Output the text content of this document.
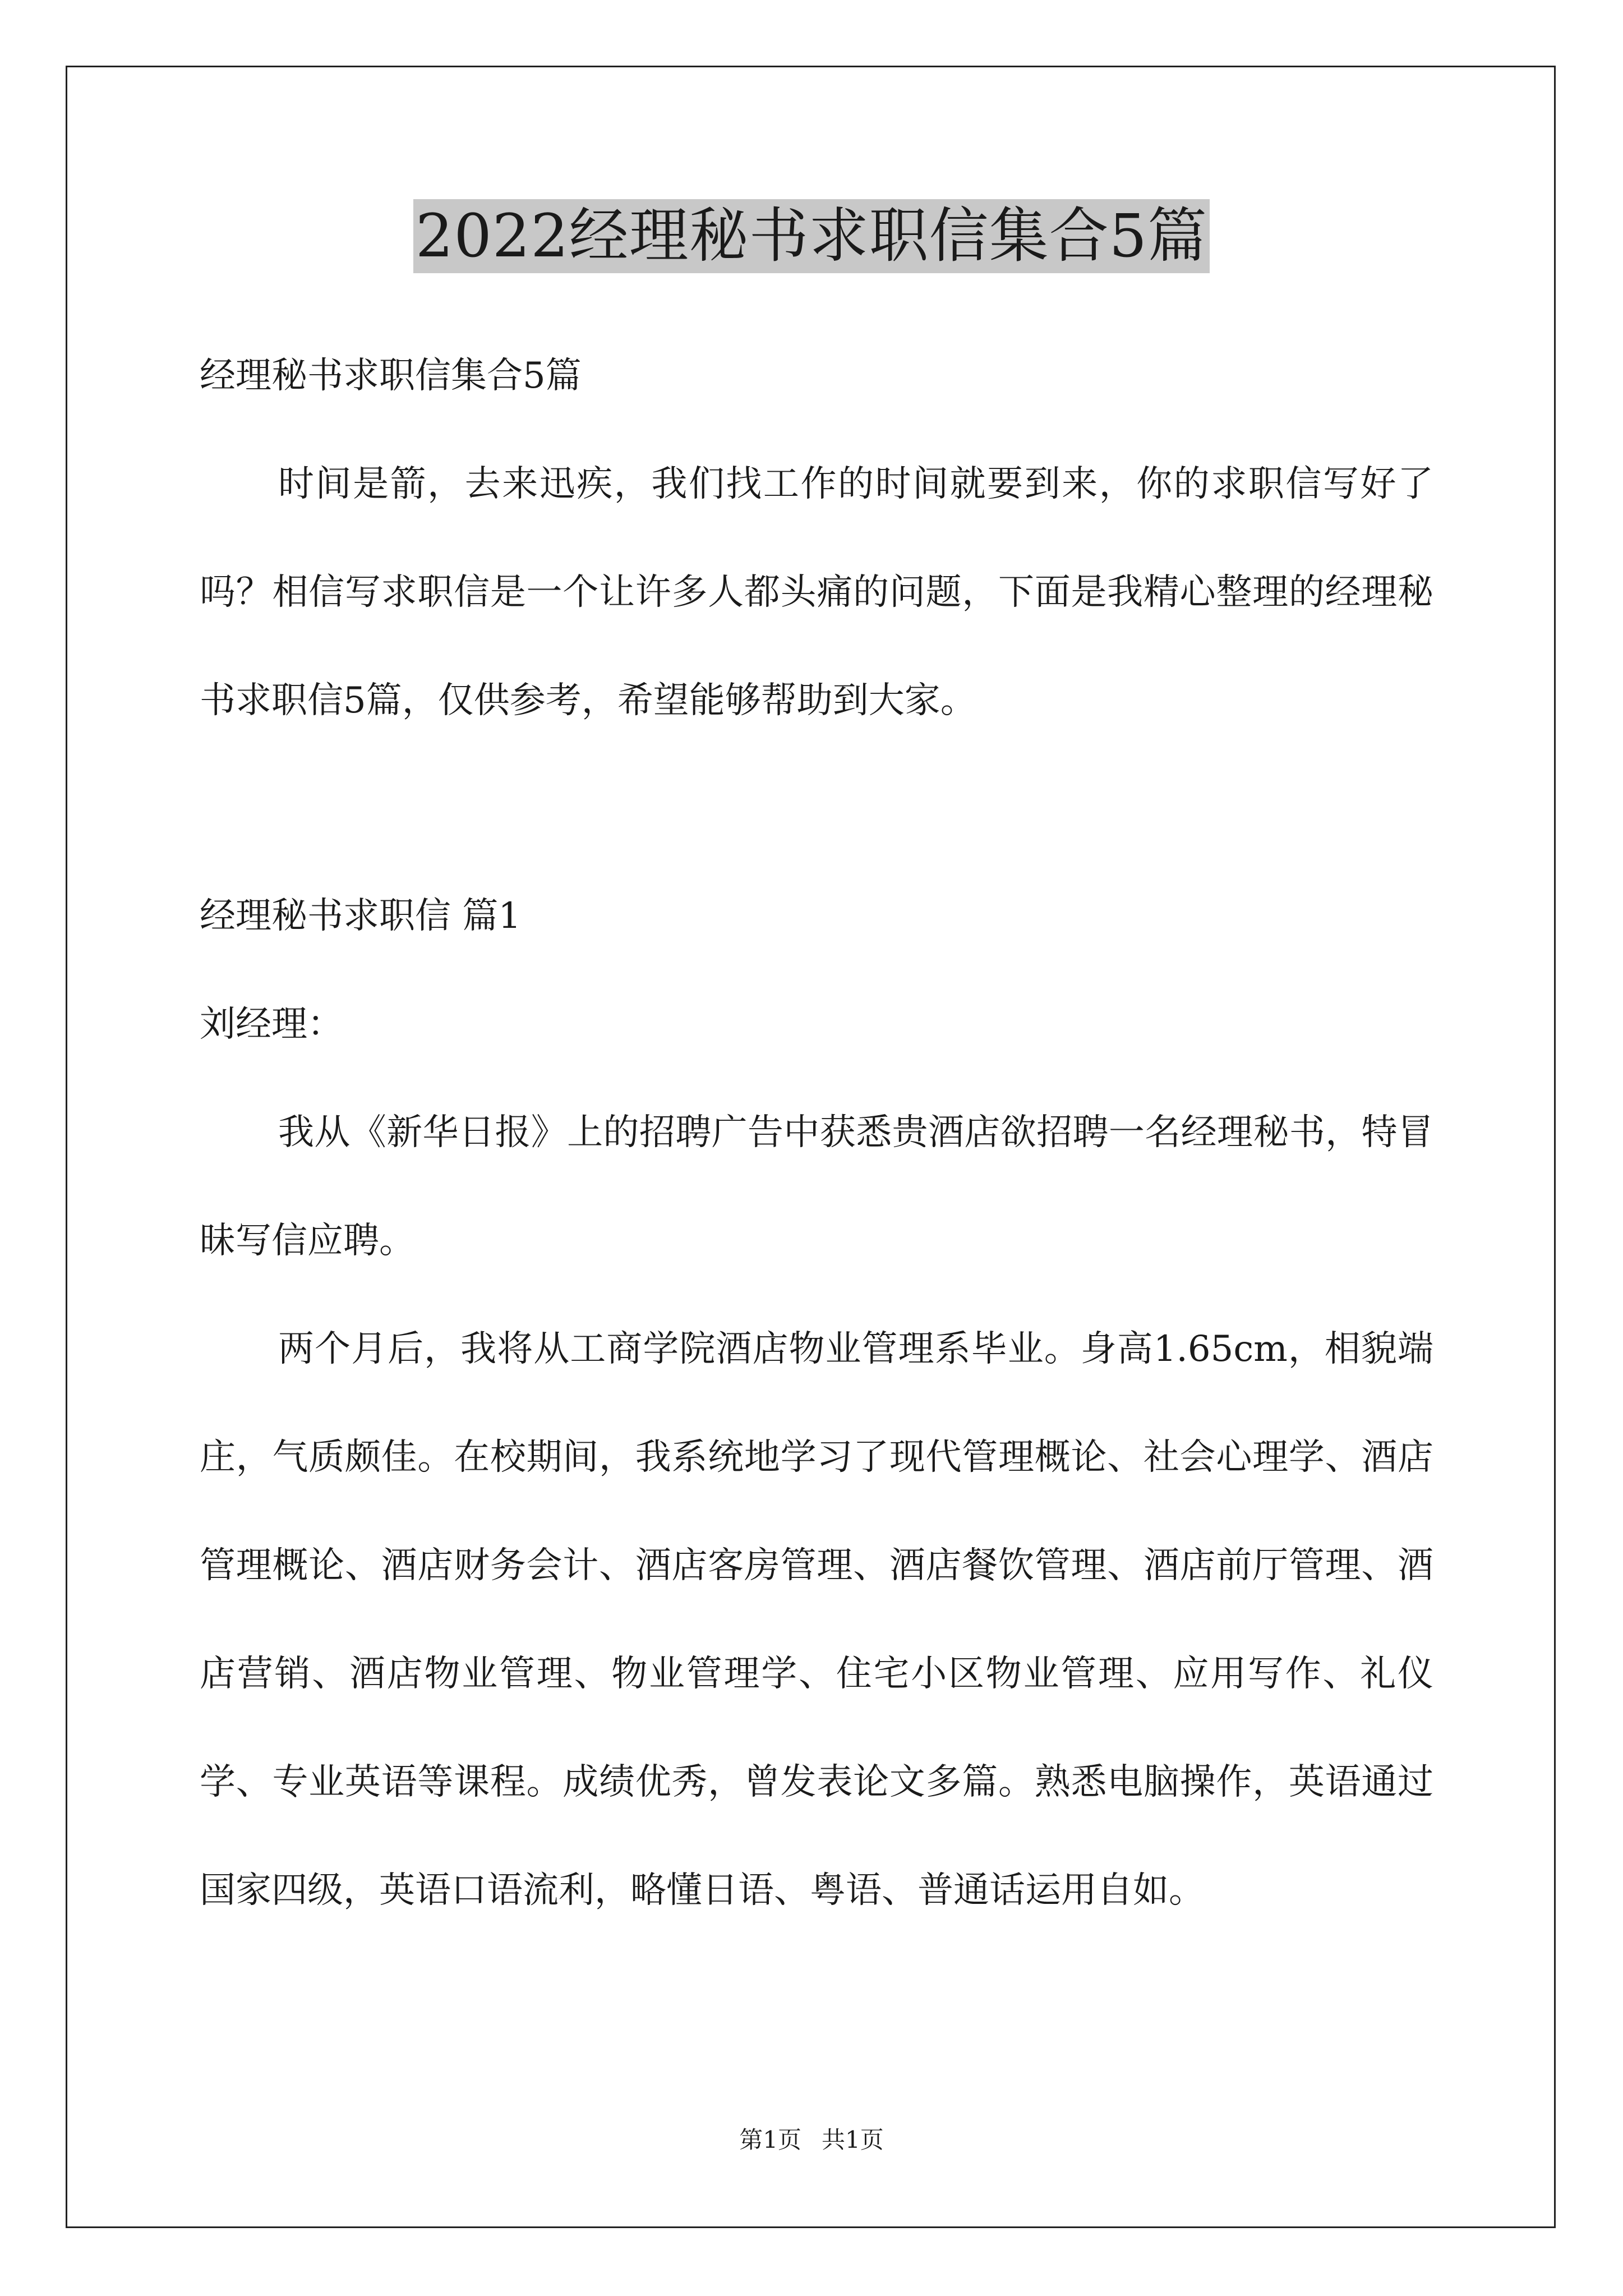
2022经理秘书求职信集合5篇

经理秘书求职信集合5篇

时间是箭，去来迅疾，我们找工作的时间就要到来，你的求职信写好了吗？相信写求职信是一个让许多人都头痛的问题，下面是我精心整理的经理秘书求职信5篇，仅供参考，希望能够帮助到大家。

经理秘书求职信 篇1

刘经理：

我从《新华日报》上的招聘广告中获悉贵酒店欲招聘一名经理秘书，特冒昧写信应聘。

两个月后，我将从工商学院酒店物业管理系毕业。身高1.65cm，相貌端庄，气质颇佳。在校期间，我系统地学习了现代管理概论、社会心理学、酒店管理概论、酒店财务会计、酒店客房管理、酒店餐饮管理、酒店前厅管理、酒店营销、酒店物业管理、物业管理学、住宅小区物业管理、应用写作、礼仪学、专业英语等课程。成绩优秀，曾发表论文多篇。熟悉电脑操作，英语通过国家四级，英语口语流利，略懂日语、粤语、普通话运用自如。

第1页 共1页
